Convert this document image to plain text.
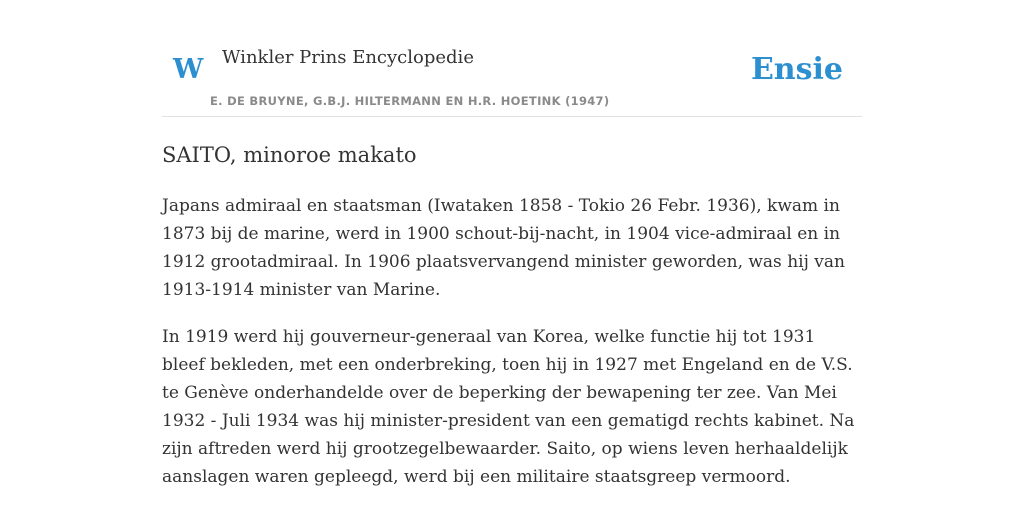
W Winkler Prins Encyclopedie
E. DE BRUYNE, G.B.J. HILTERMANN EN H.R. HOETINK (1947)
Ensie
SAITO, minoroe makato

Japans admiraal en staatsman (Iwataken 1858 - Tokio 26 Febr. 1936), kwam in 1873 bij de marine, werd in 1900 schout-bij-nacht, in 1904 vice-admiraal en in 1912 grootadmiraal. In 1906 plaatsvervangend minister geworden, was hij van 1913-1914 minister van Marine.

In 1919 werd hij gouverneur-generaal van Korea, welke functie hij tot 1931 bleef bekleden, met een onderbreking, toen hij in 1927 met Engeland en de V.S. te Genève onderhandelde over de beperking der bewapening ter zee. Van Mei 1932 - Juli 1934 was hij minister-president van een gematigd rechts kabinet. Na zijn aftreden werd hij grootzegelbewaarder. Saito, op wiens leven herhaaldelijk aanslagen waren gepleegd, werd bij een militaire staatsgreep vermoord.
